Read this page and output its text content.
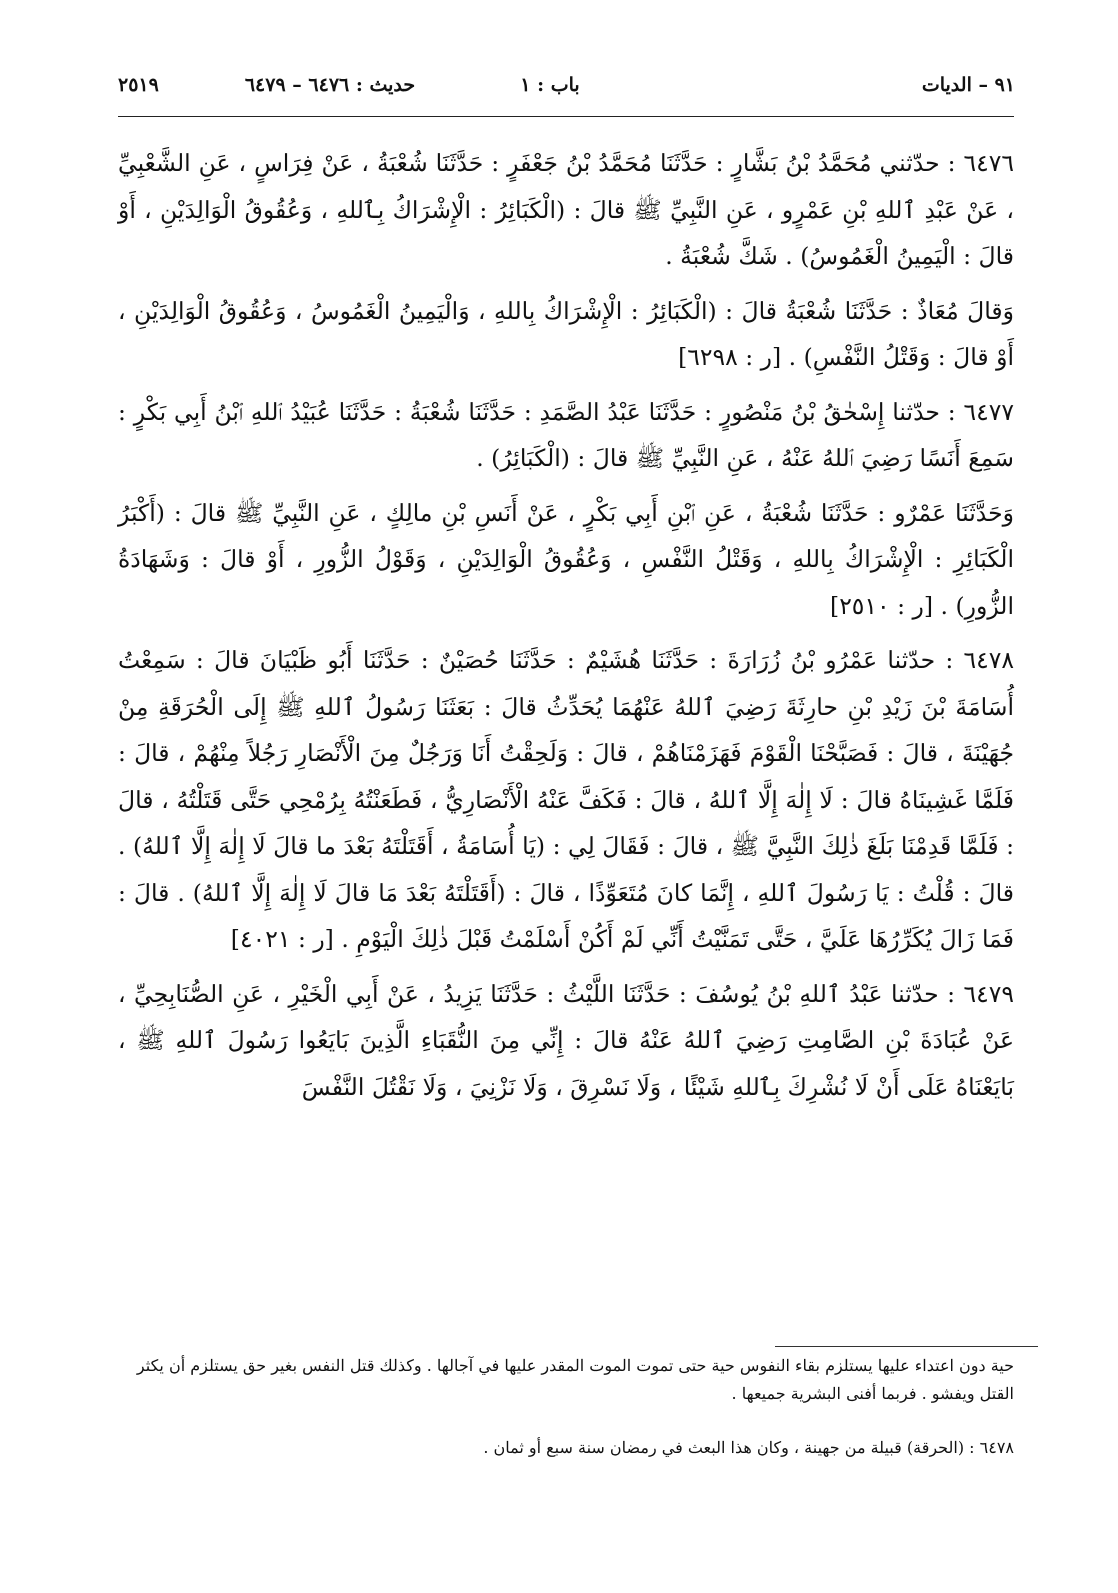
٩١ – الديات
باب : ١
حديث : ٦٤٧٦ – ٦٤٧٩
٢٥١٩

٦٤٧٦ : حدّثني مُحَمَّدُ بْنُ بَشَّارٍ : حَدَّثَنَا مُحَمَّدُ بْنُ جَعْفَرٍ : حَدَّثَنَا شُعْبَةُ ، عَنْ فِرَاسٍ ، عَنِ الشَّعْبِيِّ ، عَنْ عَبْدِ ٱللهِ بْنِ عَمْرٍو ، عَنِ النَّبِيِّ ﷺ قالَ : (الْكَبَائِرُ : الْإِشْرَاكُ بِٱللهِ ، وَعُقُوقُ الْوَالِدَيْنِ ، أَوْ قالَ : الْيَمِينُ الْغَمُوسُ) . شَكَّ شُعْبَةُ .

وَقالَ مُعَاذٌ : حَدَّثَنَا شُعْبَةُ قالَ : (الْكَبَائِرُ : الْإِشْرَاكُ بِاللهِ ، وَالْيَمِينُ الْغَمُوسُ ، وَعُقُوقُ الْوَالِدَيْنِ ، أَوْ قالَ : وَقَتْلُ النَّفْسِ) . [ر : ٦٢٩٨]

٦٤٧٧ : حدّثنا إِسْحٰقُ بْنُ مَنْصُورٍ : حَدَّثَنَا عَبْدُ الصَّمَدِ : حَدَّثَنَا شُعْبَةُ : حَدَّثَنَا عُبَيْدُ ٱللهِ ٱبْنُ أَبِي بَكْرٍ : سَمِعَ أَنَسًا رَضِيَ ٱللهُ عَنْهُ ، عَنِ النَّبِيِّ ﷺ قالَ : (الْكَبَائِرُ) .

وَحَدَّثَنَا عَمْرٌو : حَدَّثَنَا شُعْبَةُ ، عَنِ ٱبْنِ أَبِي بَكْرٍ ، عَنْ أَنَسِ بْنِ مالِكٍ ، عَنِ النَّبِيِّ ﷺ قالَ : (أَكْبَرُ الْكَبَائِرِ : الْإِشْرَاكُ بِاللهِ ، وَقَتْلُ النَّفْسِ ، وَعُقُوقُ الْوَالِدَيْنِ ، وَقَوْلُ الزُّورِ ، أَوْ قالَ : وَشَهَادَةُ الزُّورِ) . [ر : ٢٥١٠]

٦٤٧٨ : حدّثنا عَمْرُو بْنُ زُرَارَةَ : حَدَّثَنَا هُشَيْمٌ : حَدَّثَنَا حُصَيْنٌ : حَدَّثَنَا أَبُو ظَبْيَانَ قالَ : سَمِعْتُ أُسَامَةَ بْنَ زَيْدِ بْنِ حارِثَةَ رَضِيَ ٱللهُ عَنْهُمَا يُحَدِّثُ قالَ : بَعَثَنَا رَسُولُ ٱللهِ ﷺ إِلَى الْحُرَقَةِ مِنْ جُهَيْنَةَ ، قالَ : فَصَبَّحْنَا الْقَوْمَ فَهَزَمْنَاهُمْ ، قالَ : وَلَحِقْتُ أَنَا وَرَجُلٌ مِنَ الْأَنْصَارِ رَجُلاً مِنْهُمْ ، قالَ : فَلَمَّا غَشِينَاهُ قالَ : لَا إِلٰهَ إِلَّا ٱللهُ ، قالَ : فَكَفَّ عَنْهُ الْأَنْصَارِيُّ ، فَطَعَنْتُهُ بِرُمْحِي حَتَّى قَتَلْتُهُ ، قالَ : فَلَمَّا قَدِمْنَا بَلَغَ ذٰلِكَ النَّبِيَّ ﷺ ، قالَ : فَقَالَ لِي : (يَا أُسَامَةُ ، أَقَتَلْتَهُ بَعْدَ ما قالَ لَا إِلٰهَ إِلَّا ٱللهُ) . قالَ : قُلْتُ : يَا رَسُولَ ٱللهِ ، إِنَّمَا كانَ مُتَعَوِّذًا ، قالَ : (أَقَتَلْتَهُ بَعْدَ مَا قالَ لَا إِلٰهَ إِلَّا ٱللهُ) . قالَ : فَمَا زَالَ يُكَرِّرُهَا عَلَيَّ ، حَتَّى تَمَنَّيْتُ أَنِّي لَمْ أَكُنْ أَسْلَمْتُ قَبْلَ ذٰلِكَ الْيَوْمِ . [ر : ٤٠٢١]

٦٤٧٩ : حدّثنا عَبْدُ ٱللهِ بْنُ يُوسُفَ : حَدَّثَنَا اللَّيْثُ : حَدَّثَنَا يَزِيدُ ، عَنْ أَبِي الْخَيْرِ ، عَنِ الصُّنَابِحِيِّ ، عَنْ عُبَادَةَ بْنِ الصَّامِتِ رَضِيَ ٱللهُ عَنْهُ قالَ : إِنِّي مِنَ النُّقَبَاءِ الَّذِينَ بَايَعُوا رَسُولَ ٱللهِ ﷺ ، بَايَعْنَاهُ عَلَى أَنْ لَا نُشْرِكَ بِٱللهِ شَيْئًا ، وَلَا نَسْرِقَ ، وَلَا نَزْنِيَ ، وَلَا نَقْتُلَ النَّفْسَ

حية دون اعتداء عليها يستلزم بقاء النفوس حية حتى تموت الموت المقدر عليها في آجالها . وكذلك قتل النفس بغير حق يستلزم أن يكثر القتل ويفشو . فربما أفنى البشرية جميعها .
٦٤٧٨ : (الحرقة) قبيلة من جهينة ، وكان هذا البعث في رمضان سنة سبع أو ثمان .
